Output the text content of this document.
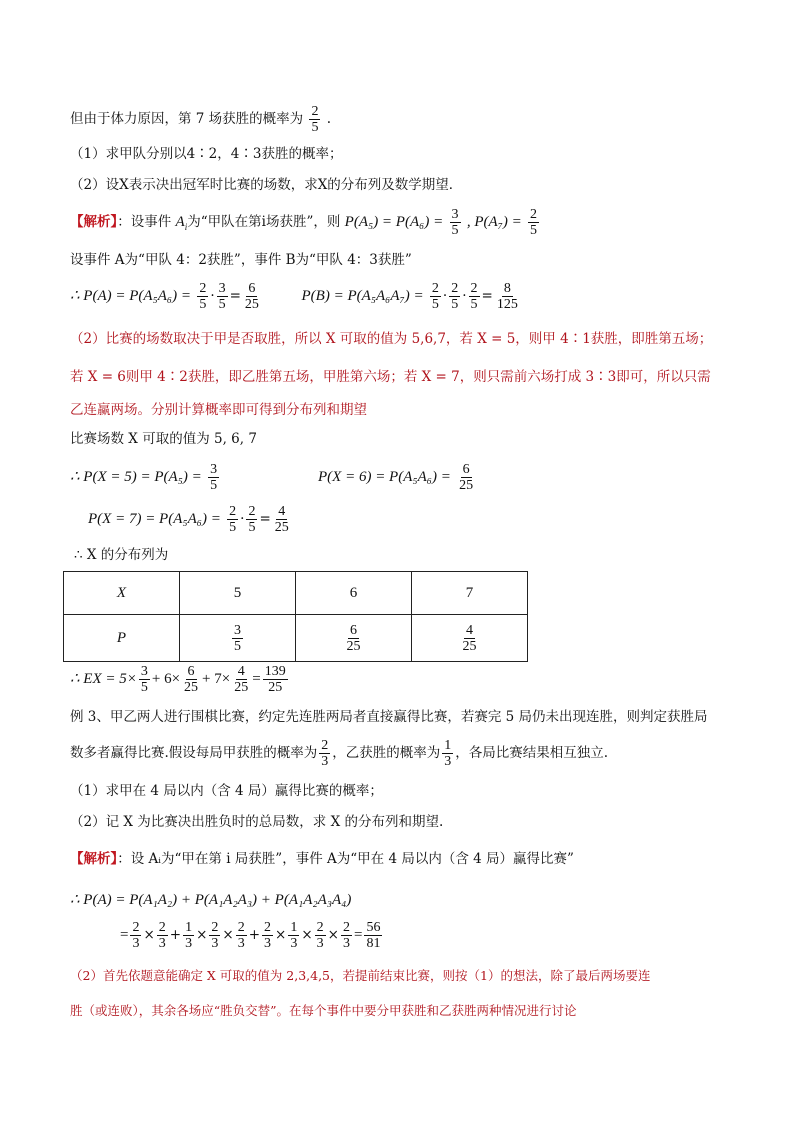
但由于体力原因，第 7 场获胜的概率为 $\frac{2}{5}$ .
（1）求甲队分别以4∶2，4∶3获胜的概率；
（2）设X表示决出冠军时比赛的场数，求X的分布列及数学期望．
【解析】：设事件 $A_i$为“甲队在第i场获胜”，则 $P(A_5) = P(A_6) = \frac{3}{5}$ , $P(A_7) = \frac{2}{5}$
设事件 A为“甲队 4：2获胜”，事件 B为“甲队 4：3获胜”
∴ $P(A) = P(A_5A_6) = \frac{2}{5} \cdot \frac{3}{5} = \frac{6}{25}$	$P(B) = P(A_5A_6A_7) = \frac{2}{5} \cdot \frac{2}{5} \cdot \frac{2}{5} = \frac{8}{125}$
（2）比赛的场数取决于甲是否取胜，所以 X 可取的值为 5,6,7，若 X = 5，则甲 4∶1获胜，即胜第五场；
若 X = 6则甲 4∶2获胜，即乙胜第五场，甲胜第六场；若 X = 7，则只需前六场打成 3∶3即可，所以只需
乙连赢两场。分别计算概率即可得到分布列和期望
比赛场数 X 可取的值为 5, 6, 7
∴ $P(X = 5) = P(A_5) = \frac{3}{5}$	$P(X = 6) = P(A_5A_6) = \frac{6}{25}$
$P(X = 7) = P(A_5A_6) = \frac{2}{5} \cdot \frac{2}{5} = \frac{4}{25}$
∴ X 的分布列为
X	5	6	7
P	$\frac{3}{5}$	$\frac{6}{25}$	$\frac{4}{25}$
∴ EX = $5\times \frac{3}{5} + 6\times \frac{6}{25} + 7\times \frac{4}{25} = \frac{139}{25}$
例 3、甲乙两人进行围棋比赛，约定先连胜两局者直接赢得比赛，若赛完 5 局仍未出现连胜，则判定获胜局
数多者赢得比赛.假设每局甲获胜的概率为 $\frac{2}{3}$ ，乙获胜的概率为 $\frac{1}{3}$ ，各局比赛结果相互独立.
（1）求甲在 4 局以内（含 4 局）赢得比赛的概率；
（2）记 X 为比赛决出胜负时的总局数，求 X 的分布列和期望.
【解析】：设 Aᵢ为“甲在第 i 局获胜”，事件 A为“甲在 4 局以内（含 4 局）赢得比赛”
∴ P(A) = P(A₁A₂) + P(A₁A₂A₃) + P(A₁A₂A₃A₄)
= $\frac{2}{3} \times \frac{2}{3} + \frac{1}{3} \times \frac{2}{3} \times \frac{2}{3} + \frac{2}{3} \times \frac{1}{3} \times \frac{2}{3} \times \frac{2}{3} = \frac{56}{81}$
（2）首先依题意能确定 X 可取的值为 2,3,4,5，若提前结束比赛，则按（1）的想法，除了最后两场要连
胜（或连败），其余各场应“胜负交替”。在每个事件中要分甲获胜和乙获胜两种情况进行讨论
